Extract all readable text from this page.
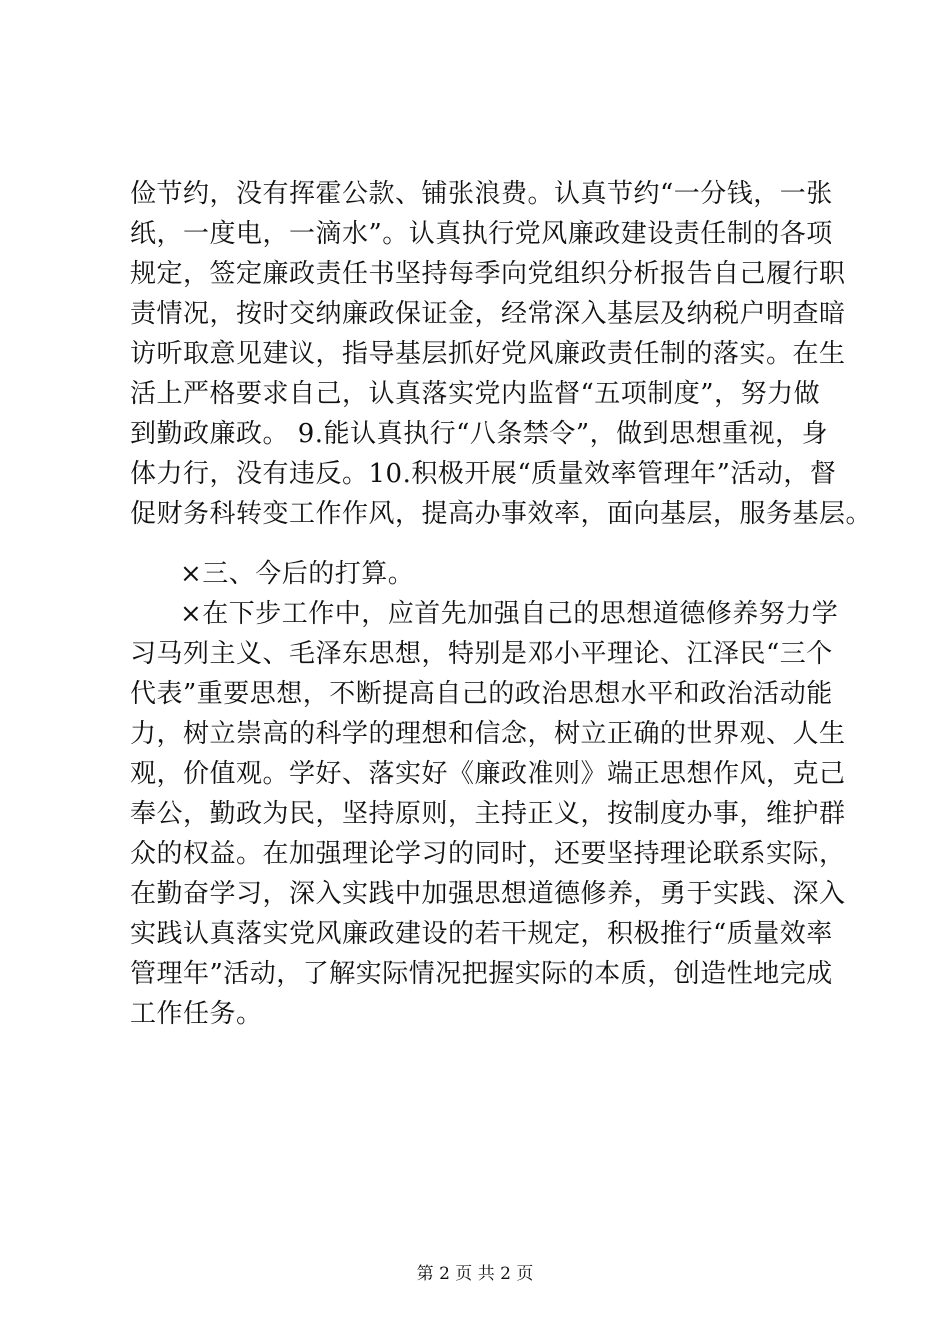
俭节约，没有挥霍公款、铺张浪费。认真节约“一分钱，一张
纸，一度电，一滴水”。认真执行党风廉政建设责任制的各项
规定，签定廉政责任书坚持每季向党组织分析报告自己履行职
责情况，按时交纳廉政保证金，经常深入基层及纳税户明查暗
访听取意见建议，指导基层抓好党风廉政责任制的落实。在生
活上严格要求自己，认真落实党内监督“五项制度”，努力做
到勤政廉政。 9.能认真执行“八条禁令”，做到思想重视，身
体力行，没有违反。10.积极开展“质量效率管理年”活动，督
促财务科转变工作作风，提高办事效率，面向基层，服务基层。
×三、今后的打算。
×在下步工作中，应首先加强自己的思想道德修养努力学
习马列主义、毛泽东思想，特别是邓小平理论、江泽民“三个
代表”重要思想，不断提高自己的政治思想水平和政治活动能
力，树立崇高的科学的理想和信念，树立正确的世界观、人生
观，价值观。学好、落实好《廉政准则》端正思想作风，克己
奉公，勤政为民，坚持原则，主持正义，按制度办事，维护群
众的权益。在加强理论学习的同时，还要坚持理论联系实际，
在勤奋学习，深入实践中加强思想道德修养，勇于实践、深入
实践认真落实党风廉政建设的若干规定，积极推行“质量效率
管理年”活动，了解实际情况把握实际的本质，创造性地完成
工作任务。
第 2 页 共 2 页
